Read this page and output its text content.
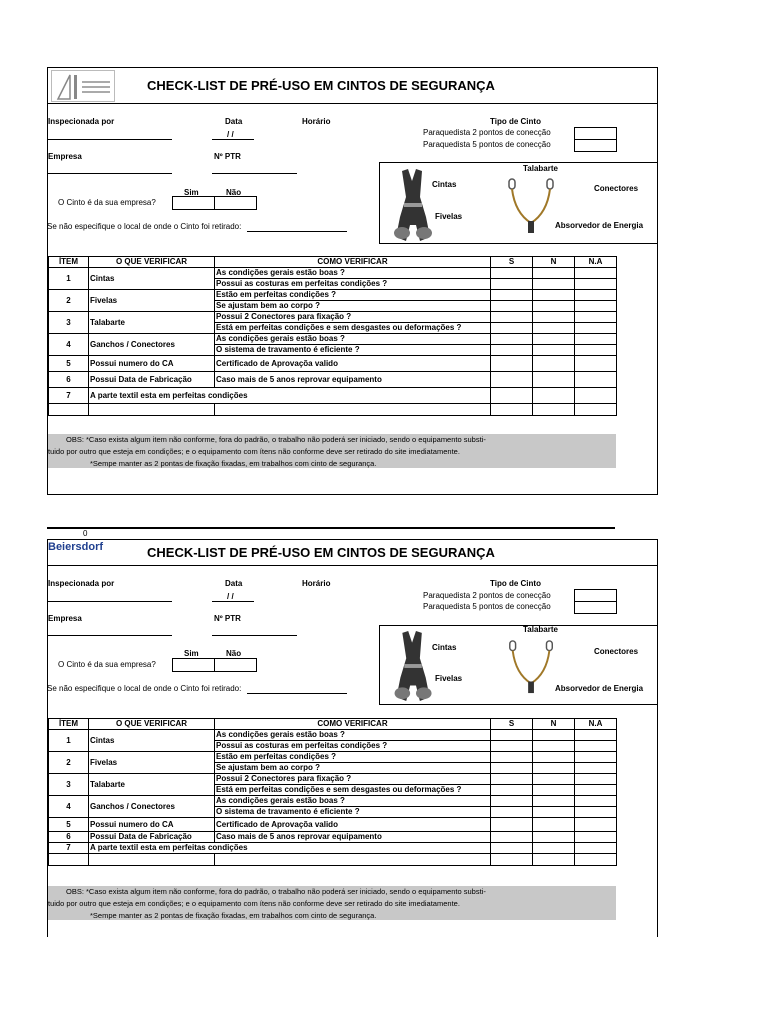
CHECK-LIST DE PRÉ-USO EM CINTOS DE SEGURANÇA
Inspecionada por	Data
/ /
Horário	Tipo de Cinto
Paraquedista 2 pontos de conecção
Paraquedista 5 pontos de conecção
Empresa	Nº PTR
Sim	Não
O Cinto é da sua empresa?
Se não especifique o local de onde o Cinto foi retirado:
Cintas
Fivelas
Talabarte
Conectores
Absorvedor de Energia
ÍTEM	O QUE VERIFICAR	COMO VERIFICAR	S	N	N.A
1	Cintas	As condições gerais estão boas ?			
		Possui as costuras em perfeitas condições ?			
2	Fivelas	Estão em perfeitas condições ?			
		Se ajustam bem ao corpo ?			
3	Talabarte	Possui 2 Conectores para fixação ?			
		Está em perfeitas condições e sem desgastes ou deformações ?			
4	Ganchos / Conectores	As condições gerais estão boas ?			
		O sistema de travamento é eficiente ?			
5	Possui numero do CA	Certificado de Aprovaçõa valido			
6	Possui Data de Fabricação	Caso mais de 5 anos reprovar equipamento			
7	A parte textil esta em perfeitas condições				

OBS: *Caso exista algum item não conforme, fora do padrão, o trabalho não poderá ser iniciado, sendo o equipamento substi-
tuido por outro que esteja em condições; e o equipamento com ítens não conforme deve ser retirado do site imediatamente.
*Sempe manter as 2 pontas de fixação fixadas, em trabalhos com cinto de segurança.
0
Beiersdorf	CHECK-LIST DE PRÉ-USO EM CINTOS DE SEGURANÇA
Inspecionada por	Data
/ /
Horário	Tipo de Cinto
Paraquedista 2 pontos de conecção
Paraquedista 5 pontos de conecção
Empresa	Nº PTR
Sim	Não
O Cinto é da sua empresa?
Se não especifique o local de onde o Cinto foi retirado:
Cintas
Fivelas
Talabarte
Conectores
Absorvedor de Energia
ÍTEM	O QUE VERIFICAR	COMO VERIFICAR	S	N	N.A
1	Cintas	As condições gerais estão boas ?			
		Possui as costuras em perfeitas condições ?			
2	Fivelas	Estão em perfeitas condições ?			
		Se ajustam bem ao corpo ?			
3	Talabarte	Possui 2 Conectores para fixação ?			
		Está em perfeitas condições e sem desgastes ou deformações ?			
4	Ganchos / Conectores	As condições gerais estão boas ?			
		O sistema de travamento é eficiente ?			
5	Possui numero do CA	Certificado de Aprovaçõa valido			
6	Possui Data de Fabricação	Caso mais de 5 anos reprovar equipamento			
7	A parte textil esta em perfeitas condições				

OBS: *Caso exista algum item não conforme, fora do padrão, o trabalho não poderá ser iniciado, sendo o equipamento substi-
tuido por outro que esteja em condições; e o equipamento com ítens não conforme deve ser retirado do site imediatamente.
*Sempe manter as 2 pontas de fixação fixadas, em trabalhos com cinto de segurança.
